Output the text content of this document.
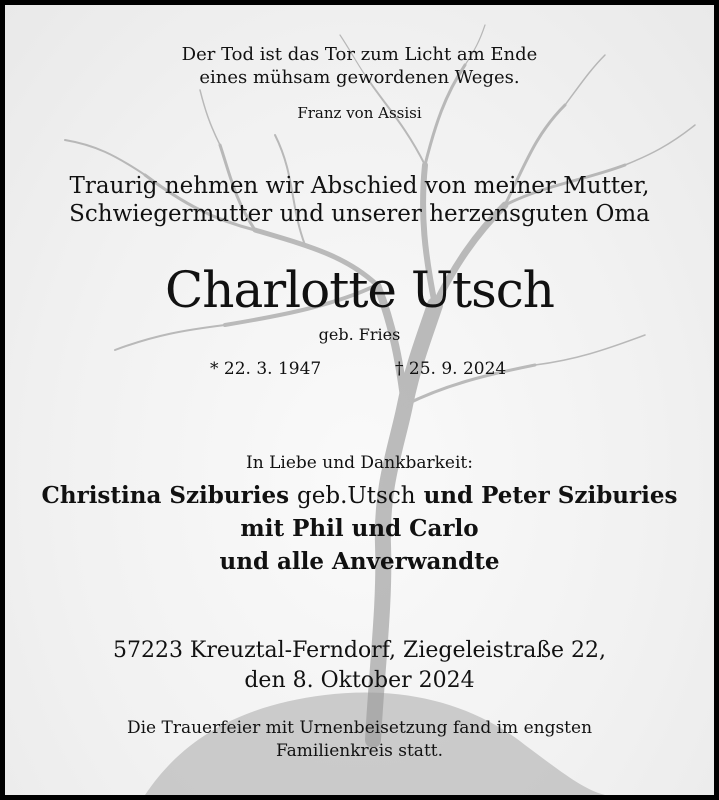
Der Tod ist das Tor zum Licht am Ende
eines mühsam gewordenen Weges.
Franz von Assisi
Traurig nehmen wir Abschied von meiner Mutter,
Schwiegermutter und unserer herzensguten Oma
Charlotte Utsch
geb. Fries
* 22. 3. 1947	† 25. 9. 2024
In Liebe und Dankbarkeit:
Christina Sziburies geb.Utsch und Peter Sziburies
mit Phil und Carlo
und alle Anverwandte
57223 Kreuztal-Ferndorf, Ziegeleistraße 22,
den 8. Oktober 2024
Die Trauerfeier mit Urnenbeisetzung fand im engsten
Familienkreis statt.
